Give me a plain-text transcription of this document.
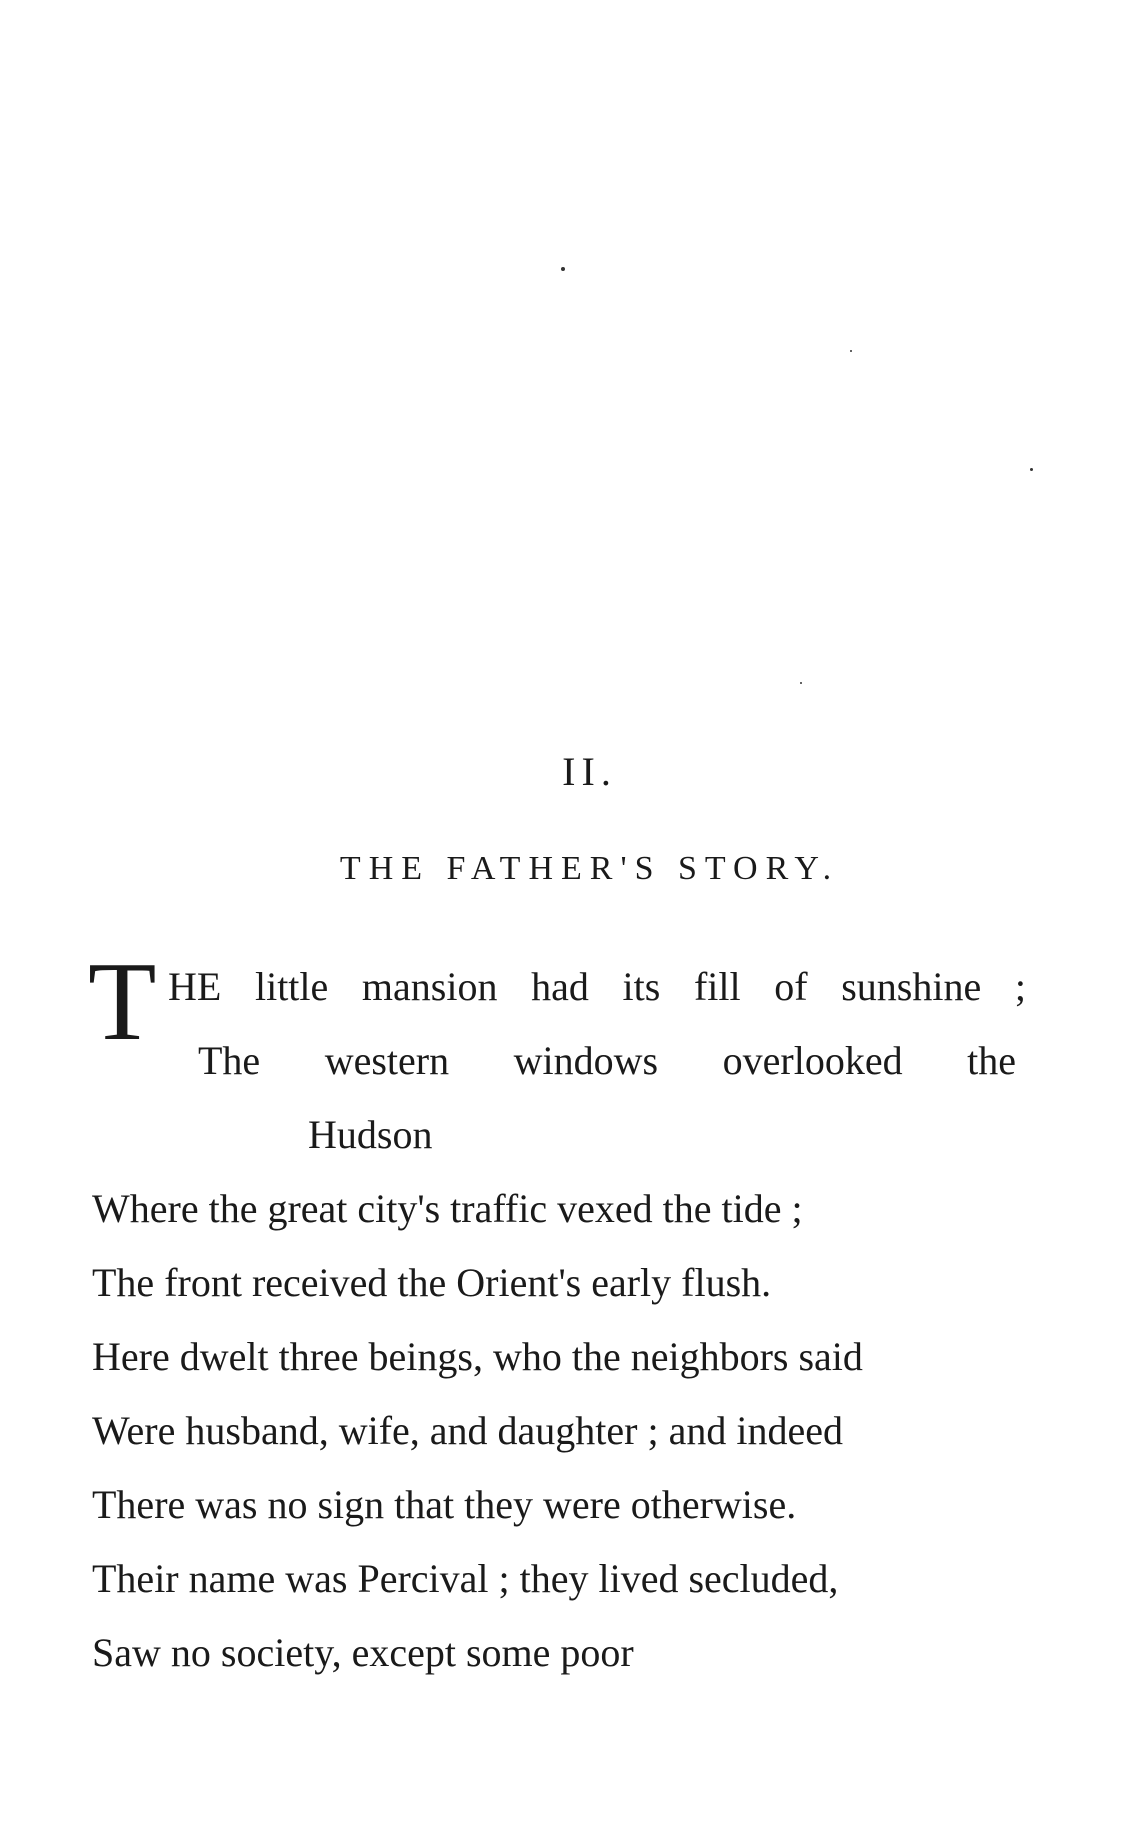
II.
THE FATHER'S STORY.
T HE little mansion had its fill of sunshine ;
The western windows overlooked the
Hudson
Where the great city's traffic vexed the tide ;
The front received the Orient's early flush.
Here dwelt three beings, who the neighbors said
Were husband, wife, and daughter ; and indeed
There was no sign that they were otherwise.
Their name was Percival ; they lived secluded,
Saw no society, except some poor
